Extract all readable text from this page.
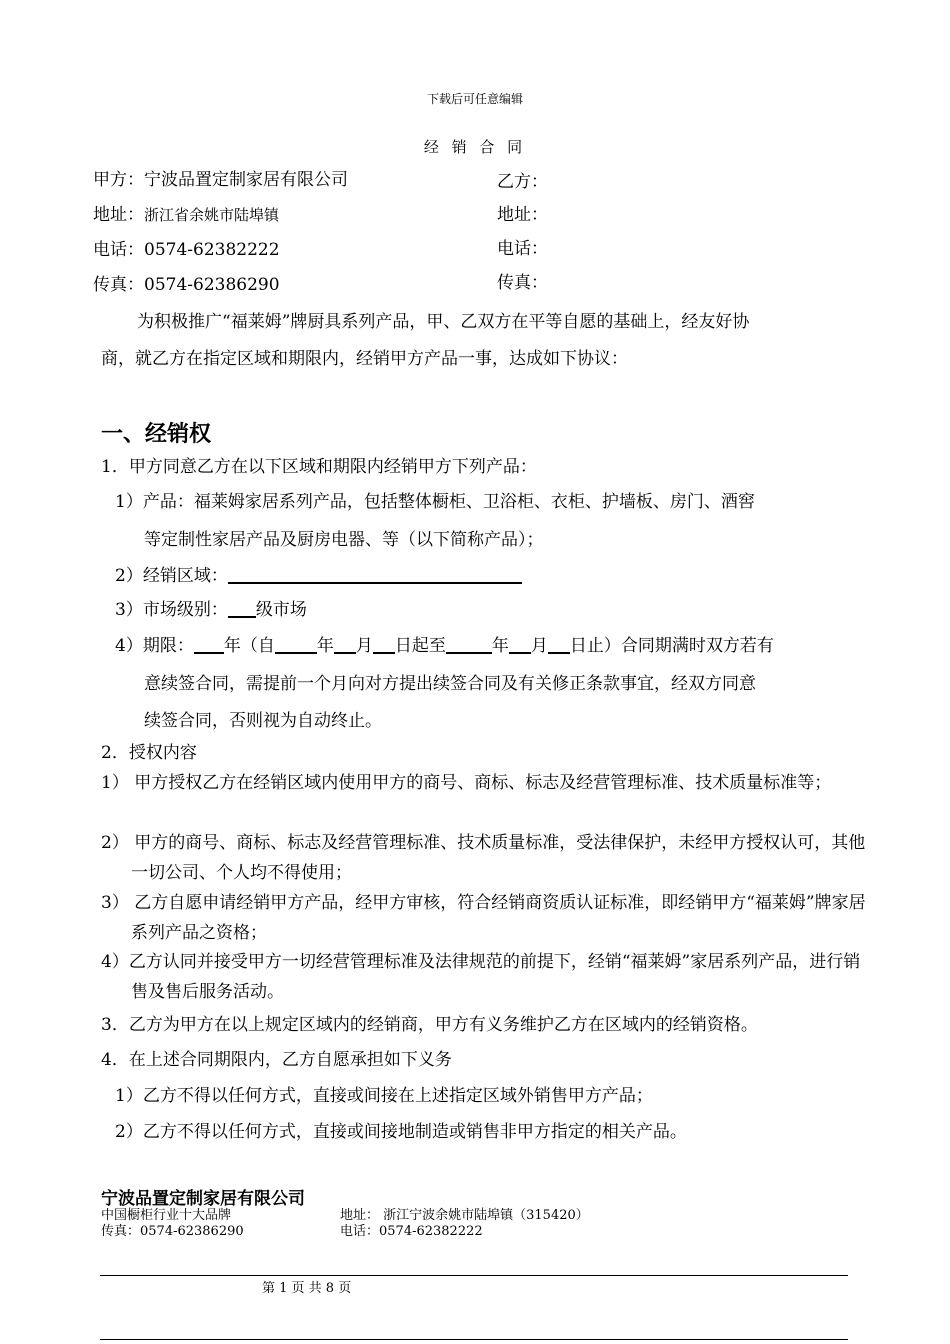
下载后可任意编辑
经 销 合 同
甲方：宁波品置定制家居有限公司	乙方：
地址：浙江省余姚市陆埠镇	地址：
电话：0574-62382222	电话：
传真：0574-62386290	传真：
为积极推广“福莱姆”牌厨具系列产品，甲、乙双方在平等自愿的基础上，经友好协
商，就乙方在指定区域和期限内，经销甲方产品一事，达成如下协议：
一、经销权
1．甲方同意乙方在以下区域和期限内经销甲方下列产品：
1）产品：福莱姆家居系列产品，包括整体橱柜、卫浴柜、衣柜、护墙板、房门、酒窖
等定制性家居产品及厨房电器、等（以下简称产品）；
2）经销区域：
3）市场级别： 级市场
4）期限： 年（自 年 月 日起至	年 月 日止）合同期满时双方若有
意续签合同，需提前一个月向对方提出续签合同及有关修正条款事宜，经双方同意
续签合同，否则视为自动终止。
2．授权内容
1） 甲方授权乙方在经销区域内使用甲方的商号、商标、标志及经营管理标准、技术质量标准等；
2） 甲方的商号、商标、标志及经营管理标准、技术质量标准，受法律保护，未经甲方授权认可，其他一切公司、个人均不得使用；
3） 乙方自愿申请经销甲方产品，经甲方审核，符合经销商资质认证标准，即经销甲方“福莱姆”牌家居系列产品之资格；
4）乙方认同并接受甲方一切经营管理标准及法律规范的前提下，经销“福莱姆”家居系列产品，进行销售及售后服务活动。
3．乙方为甲方在以上规定区域内的经销商，甲方有义务维护乙方在区域内的经销资格。
4．在上述合同期限内，乙方自愿承担如下义务
1）乙方不得以任何方式，直接或间接在上述指定区域外销售甲方产品；
2）乙方不得以任何方式，直接或间接地制造或销售非甲方指定的相关产品。
宁波品置定制家居有限公司
中国橱柜行业十大品牌	地址： 浙江宁波余姚市陆埠镇（315420）
传真：0574-62386290	电话：0574-62382222
第 1 页 共 8 页
